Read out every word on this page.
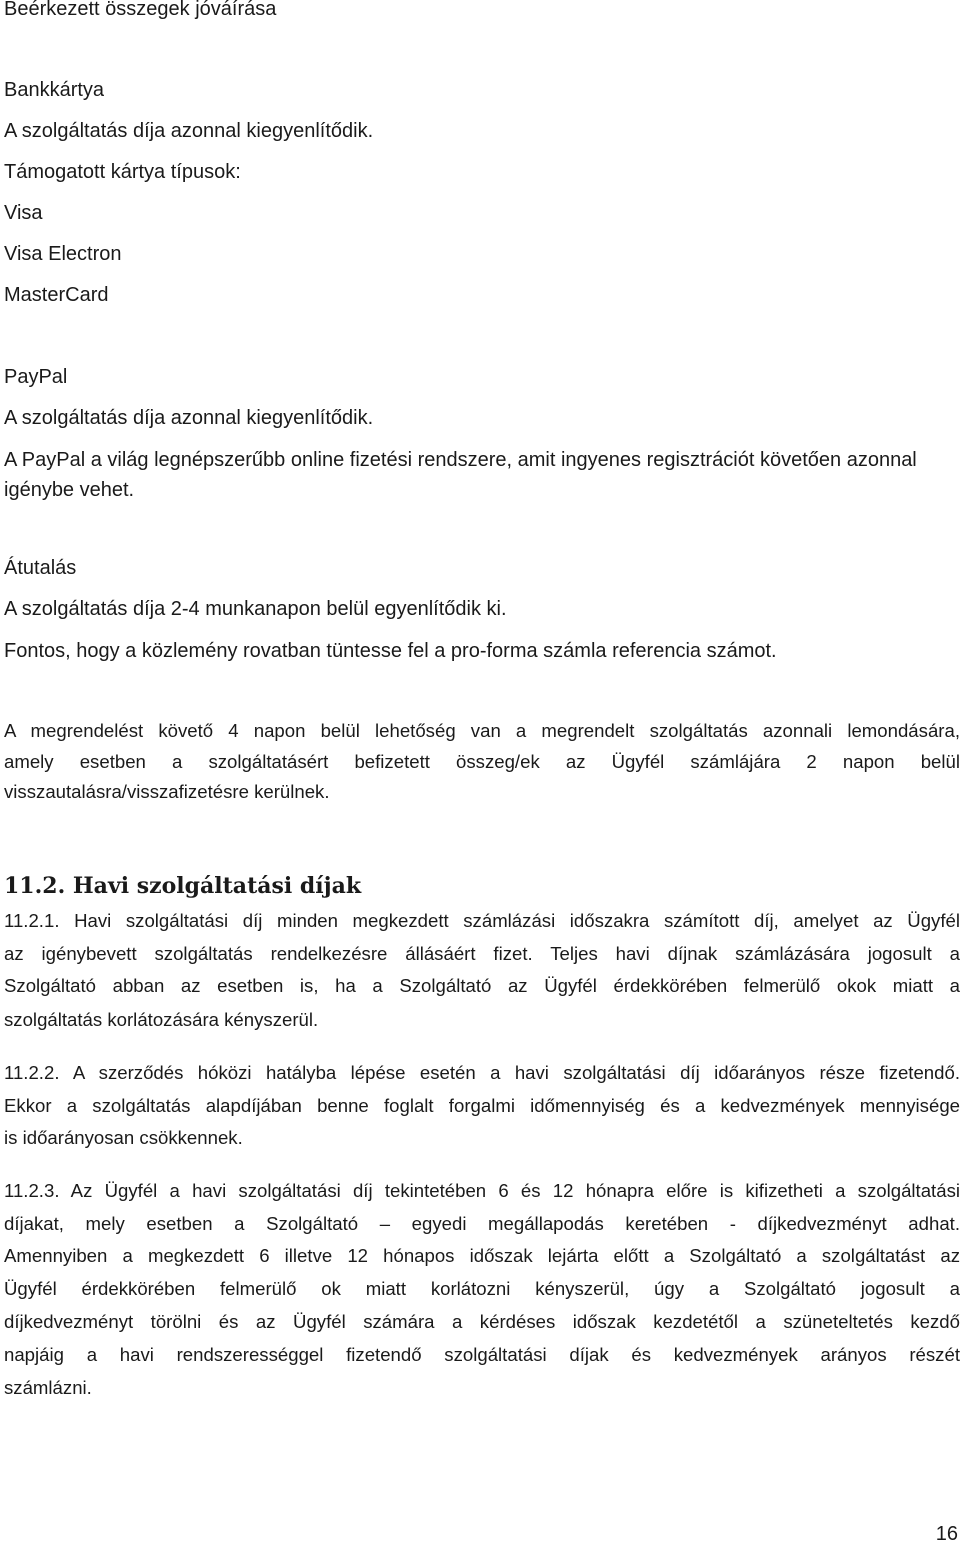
Beérkezett összegek jóváírása
Bankkártya
A szolgáltatás díja azonnal kiegyenlítődik.
Támogatott kártya típusok:
Visa
Visa Electron
MasterCard
PayPal
A szolgáltatás díja azonnal kiegyenlítődik.
A PayPal a világ legnépszerűbb online fizetési rendszere, amit ingyenes regisztrációt követően azonnal
igénybe vehet.
Átutalás
A szolgáltatás díja 2-4 munkanapon belül egyenlítődik ki.
Fontos, hogy a közlemény rovatban tüntesse fel a pro-forma számla referencia számot.
A megrendelést követő 4 napon belül lehetőség van a megrendelt szolgáltatás azonnali lemondására,
amely esetben a szolgáltatásért befizetett összeg/ek az Ügyfél számlájára 2 napon belül
visszautalásra/visszafizetésre kerülnek.
11.2. Havi szolgáltatási díjak
11.2.1. Havi szolgáltatási díj minden megkezdett számlázási időszakra számított díj, amelyet az Ügyfél
az igénybevett szolgáltatás rendelkezésre állásáért fizet. Teljes havi díjnak számlázására jogosult a
Szolgáltató abban az esetben is, ha a Szolgáltató az Ügyfél érdekkörében felmerülő okok miatt a
szolgáltatás korlátozására kényszerül.
11.2.2. A szerződés hóközi hatályba lépése esetén a havi szolgáltatási díj időarányos része fizetendő.
Ekkor a szolgáltatás alapdíjában benne foglalt forgalmi időmennyiség és a kedvezmények mennyisége
is időarányosan csökkennek.
11.2.3. Az Ügyfél a havi szolgáltatási díj tekintetében 6 és 12 hónapra előre is kifizetheti a szolgáltatási
díjakat, mely esetben a Szolgáltató – egyedi megállapodás keretében - díjkedvezményt adhat.
Amennyiben a megkezdett 6 illetve 12 hónapos időszak lejárta előtt a Szolgáltató a szolgáltatást az
Ügyfél érdekkörében felmerülő ok miatt korlátozni kényszerül, úgy a Szolgáltató jogosult a
díjkedvezményt törölni és az Ügyfél számára a kérdéses időszak kezdetétől a szüneteltetés kezdő
napjáig a havi rendszerességgel fizetendő szolgáltatási díjak és kedvezmények arányos részét
számlázni.
16
